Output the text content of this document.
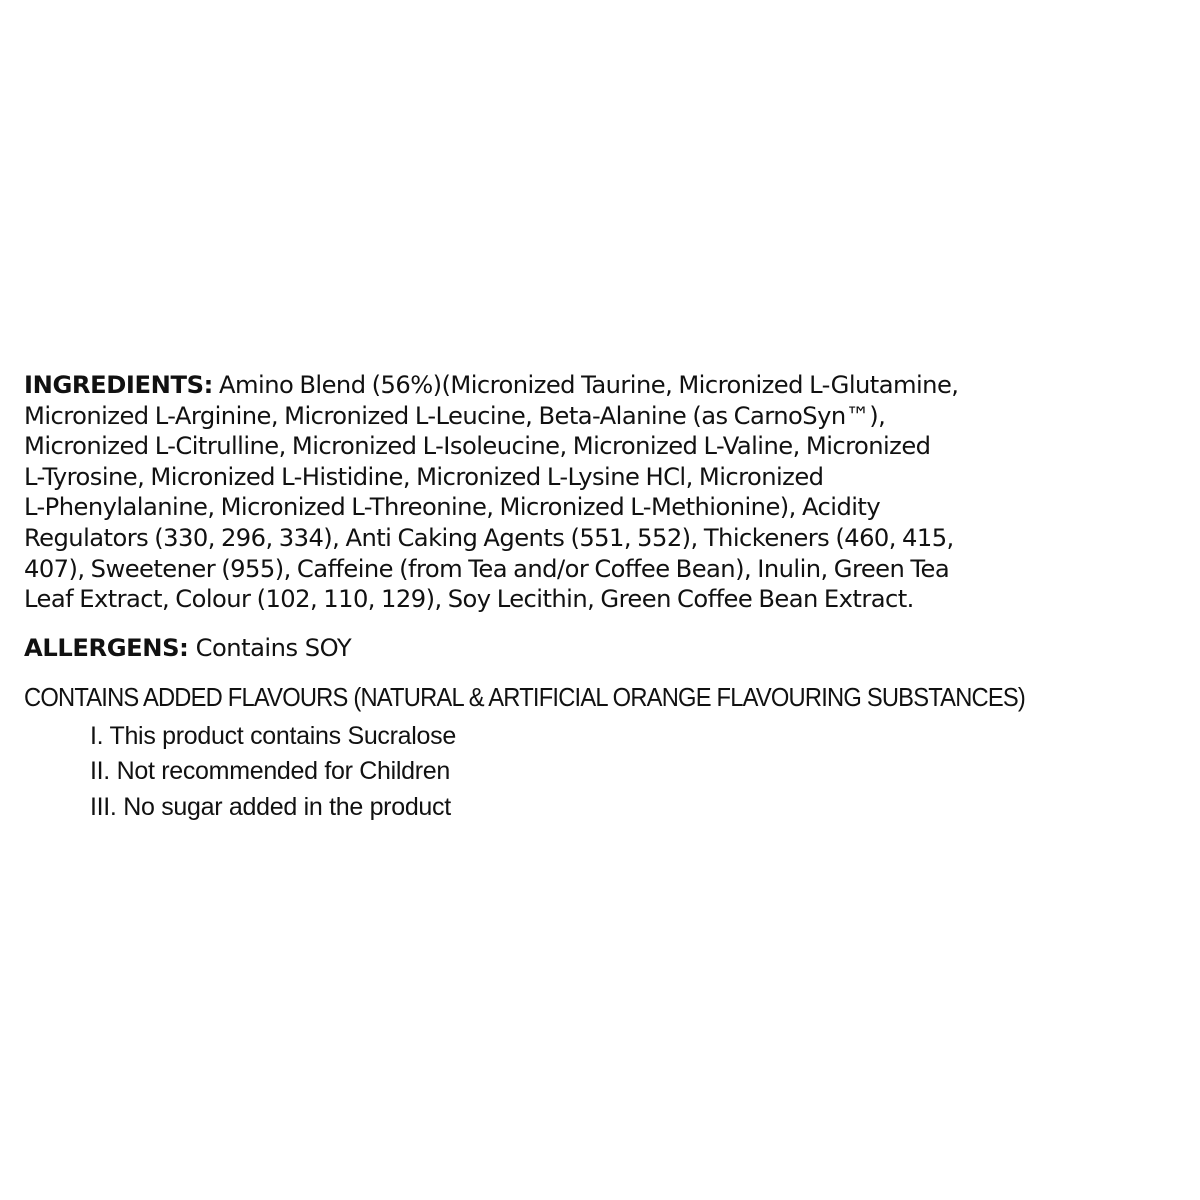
INGREDIENTS: Amino Blend (56%)(Micronized Taurine, Micronized L-Glutamine,
Micronized L-Arginine, Micronized L-Leucine, Beta-Alanine (as CarnoSyn™),
Micronized L-Citrulline, Micronized L-Isoleucine, Micronized L-Valine, Micronized
L-Tyrosine, Micronized L-Histidine, Micronized L-Lysine HCl, Micronized
L-Phenylalanine, Micronized L-Threonine, Micronized L-Methionine), Acidity
Regulators (330, 296, 334), Anti Caking Agents (551, 552), Thickeners (460, 415,
407), Sweetener (955), Caffeine (from Tea and/or Coffee Bean), Inulin, Green Tea
Leaf Extract, Colour (102, 110, 129), Soy Lecithin, Green Coffee Bean Extract.

ALLERGENS: Contains SOY

CONTAINS ADDED FLAVOURS (NATURAL & ARTIFICIAL ORANGE FLAVOURING SUBSTANCES)

I. This product contains Sucralose
II. Not recommended for Children
III. No sugar added in the product
